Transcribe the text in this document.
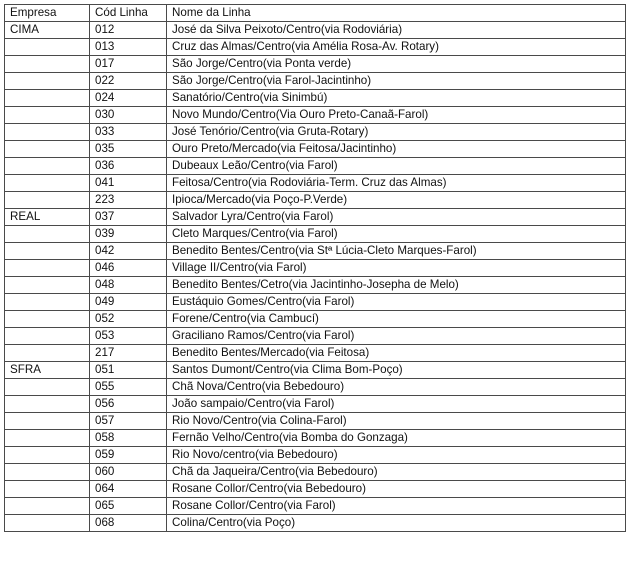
Empresa	Cód Linha	Nome da Linha
CIMA	012	José da Silva Peixoto/Centro(via Rodoviária)
	013	Cruz das Almas/Centro(via Amélia Rosa-Av. Rotary)
	017	São Jorge/Centro(via Ponta verde)
	022	São Jorge/Centro(via Farol-Jacintinho)
	024	Sanatório/Centro(via Sinimbú)
	030	Novo Mundo/Centro(Via Ouro Preto-Canaã-Farol)
	033	José Tenório/Centro(via Gruta-Rotary)
	035	Ouro Preto/Mercado(via Feitosa/Jacintinho)
	036	Dubeaux Leão/Centro(via Farol)
	041	Feitosa/Centro(via Rodoviária-Term. Cruz das Almas)
	223	Ipioca/Mercado(via Poço-P.Verde)
REAL	037	Salvador Lyra/Centro(via Farol)
	039	Cleto Marques/Centro(via Farol)
	042	Benedito Bentes/Centro(via Stª Lúcia-Cleto Marques-Farol)
	046	Village II/Centro(via Farol)
	048	Benedito Bentes/Cetro(via Jacintinho-Josepha de Melo)
	049	Eustáquio Gomes/Centro(via Farol)
	052	Forene/Centro(via Cambucí)
	053	Graciliano Ramos/Centro(via Farol)
	217	Benedito Bentes/Mercado(via Feitosa)
SFRA	051	Santos Dumont/Centro(via Clima Bom-Poço)
	055	Chã Nova/Centro(via Bebedouro)
	056	João sampaio/Centro(via Farol)
	057	Rio Novo/Centro(via Colina-Farol)
	058	Fernão Velho/Centro(via Bomba do Gonzaga)
	059	Rio Novo/centro(via Bebedouro)
	060	Chã da Jaqueira/Centro(via Bebedouro)
	064	Rosane Collor/Centro(via Bebedouro)
	065	Rosane Collor/Centro(via Farol)
	068	Colina/Centro(via Poço)
